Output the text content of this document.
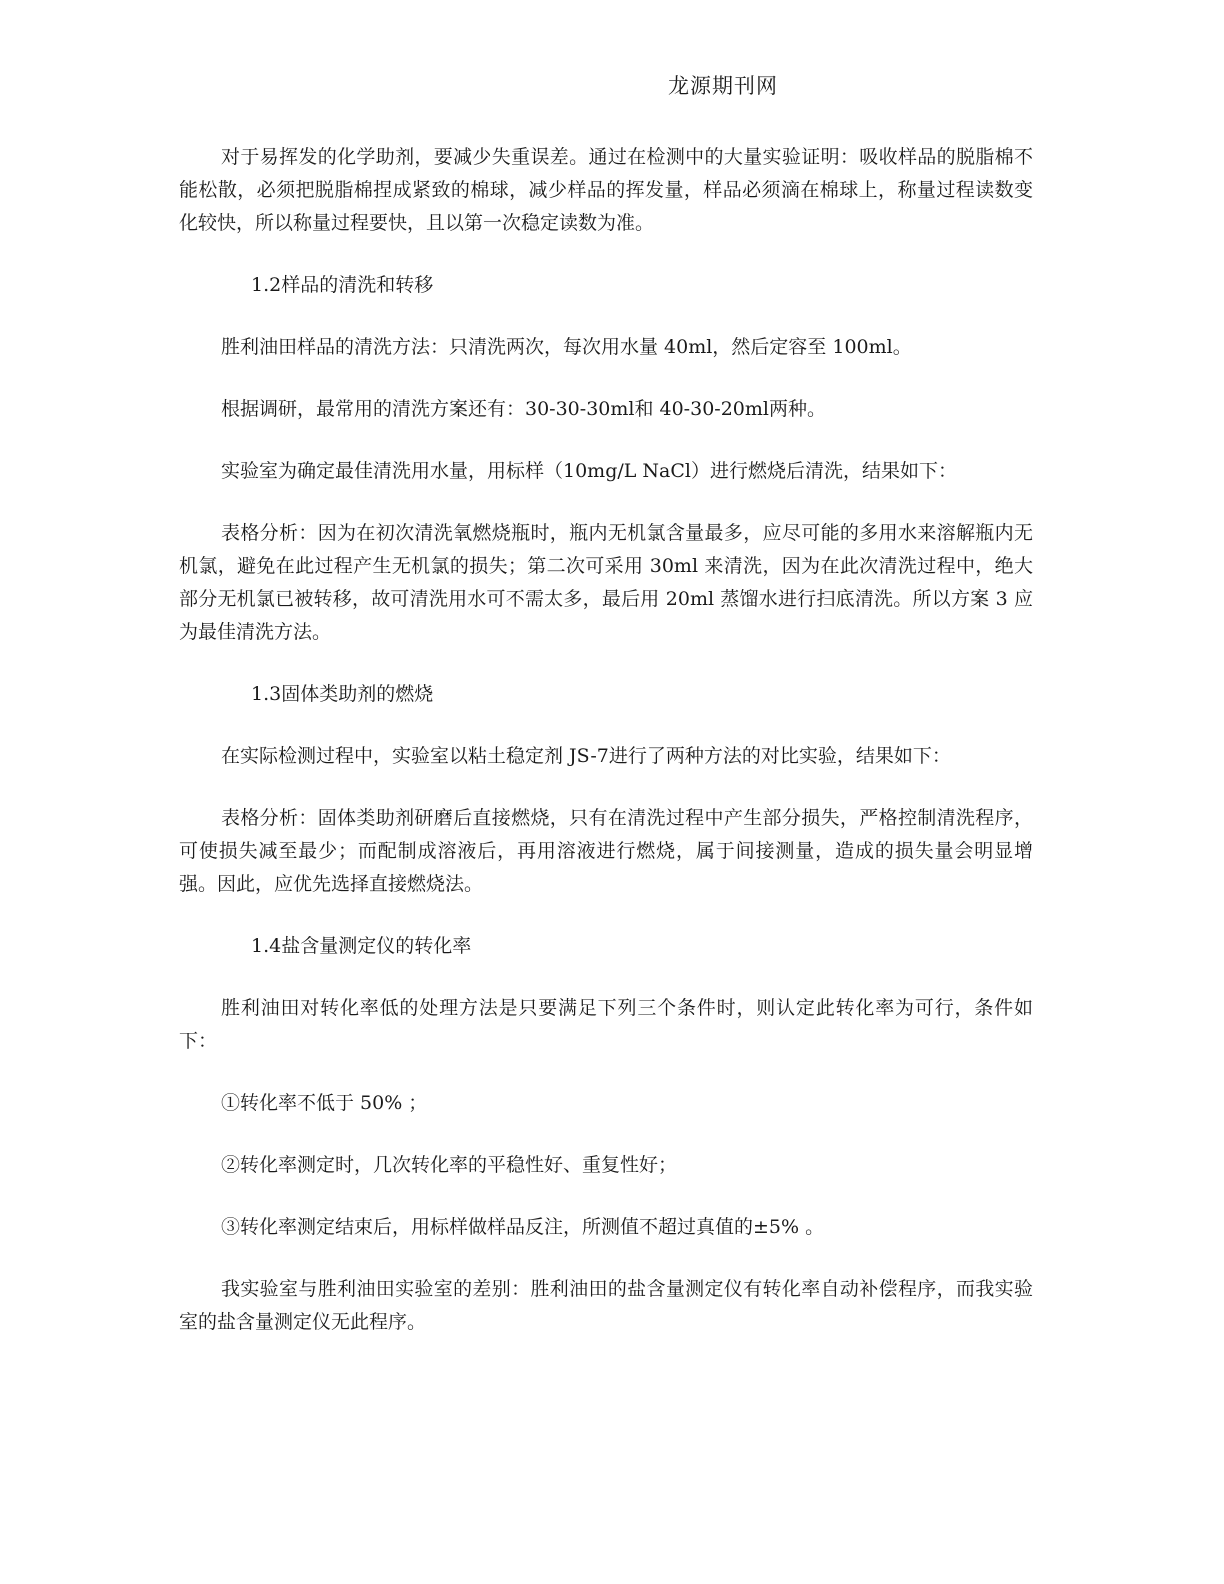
龙源期刊网

对于易挥发的化学助剂，要减少失重误差。通过在检测中的大量实验证明：吸收样品的脱脂棉不能松散，必须把脱脂棉捏成紧致的棉球，减少样品的挥发量，样品必须滴在棉球上，称量过程读数变化较快，所以称量过程要快，且以第一次稳定读数为准。

1.2样品的清洗和转移

胜利油田样品的清洗方法：只清洗两次，每次用水量 40ml，然后定容至 100ml。

根据调研，最常用的清洗方案还有：30-30-30ml和 40-30-20ml两种。

实验室为确定最佳清洗用水量，用标样（10mg/L NaCl）进行燃烧后清洗，结果如下：

表格分析：因为在初次清洗氧燃烧瓶时，瓶内无机氯含量最多，应尽可能的多用水来溶解瓶内无机氯，避免在此过程产生无机氯的损失；第二次可采用 30ml 来清洗，因为在此次清洗过程中，绝大部分无机氯已被转移，故可清洗用水可不需太多，最后用 20ml 蒸馏水进行扫底清洗。所以方案 3 应为最佳清洗方法。

1.3固体类助剂的燃烧

在实际检测过程中，实验室以粘土稳定剂 JS-7进行了两种方法的对比实验，结果如下：

表格分析：固体类助剂研磨后直接燃烧，只有在清洗过程中产生部分损失，严格控制清洗程序，可使损失减至最少；而配制成溶液后，再用溶液进行燃烧，属于间接测量，造成的损失量会明显增强。因此，应优先选择直接燃烧法。

1.4盐含量测定仪的转化率

胜利油田对转化率低的处理方法是只要满足下列三个条件时，则认定此转化率为可行，条件如下：

①转化率不低于 50% ；

②转化率测定时，几次转化率的平稳性好、重复性好；

③转化率测定结束后，用标样做样品反注，所测值不超过真值的±5% 。

我实验室与胜利油田实验室的差别：胜利油田的盐含量测定仪有转化率自动补偿程序，而我实验室的盐含量测定仪无此程序。
